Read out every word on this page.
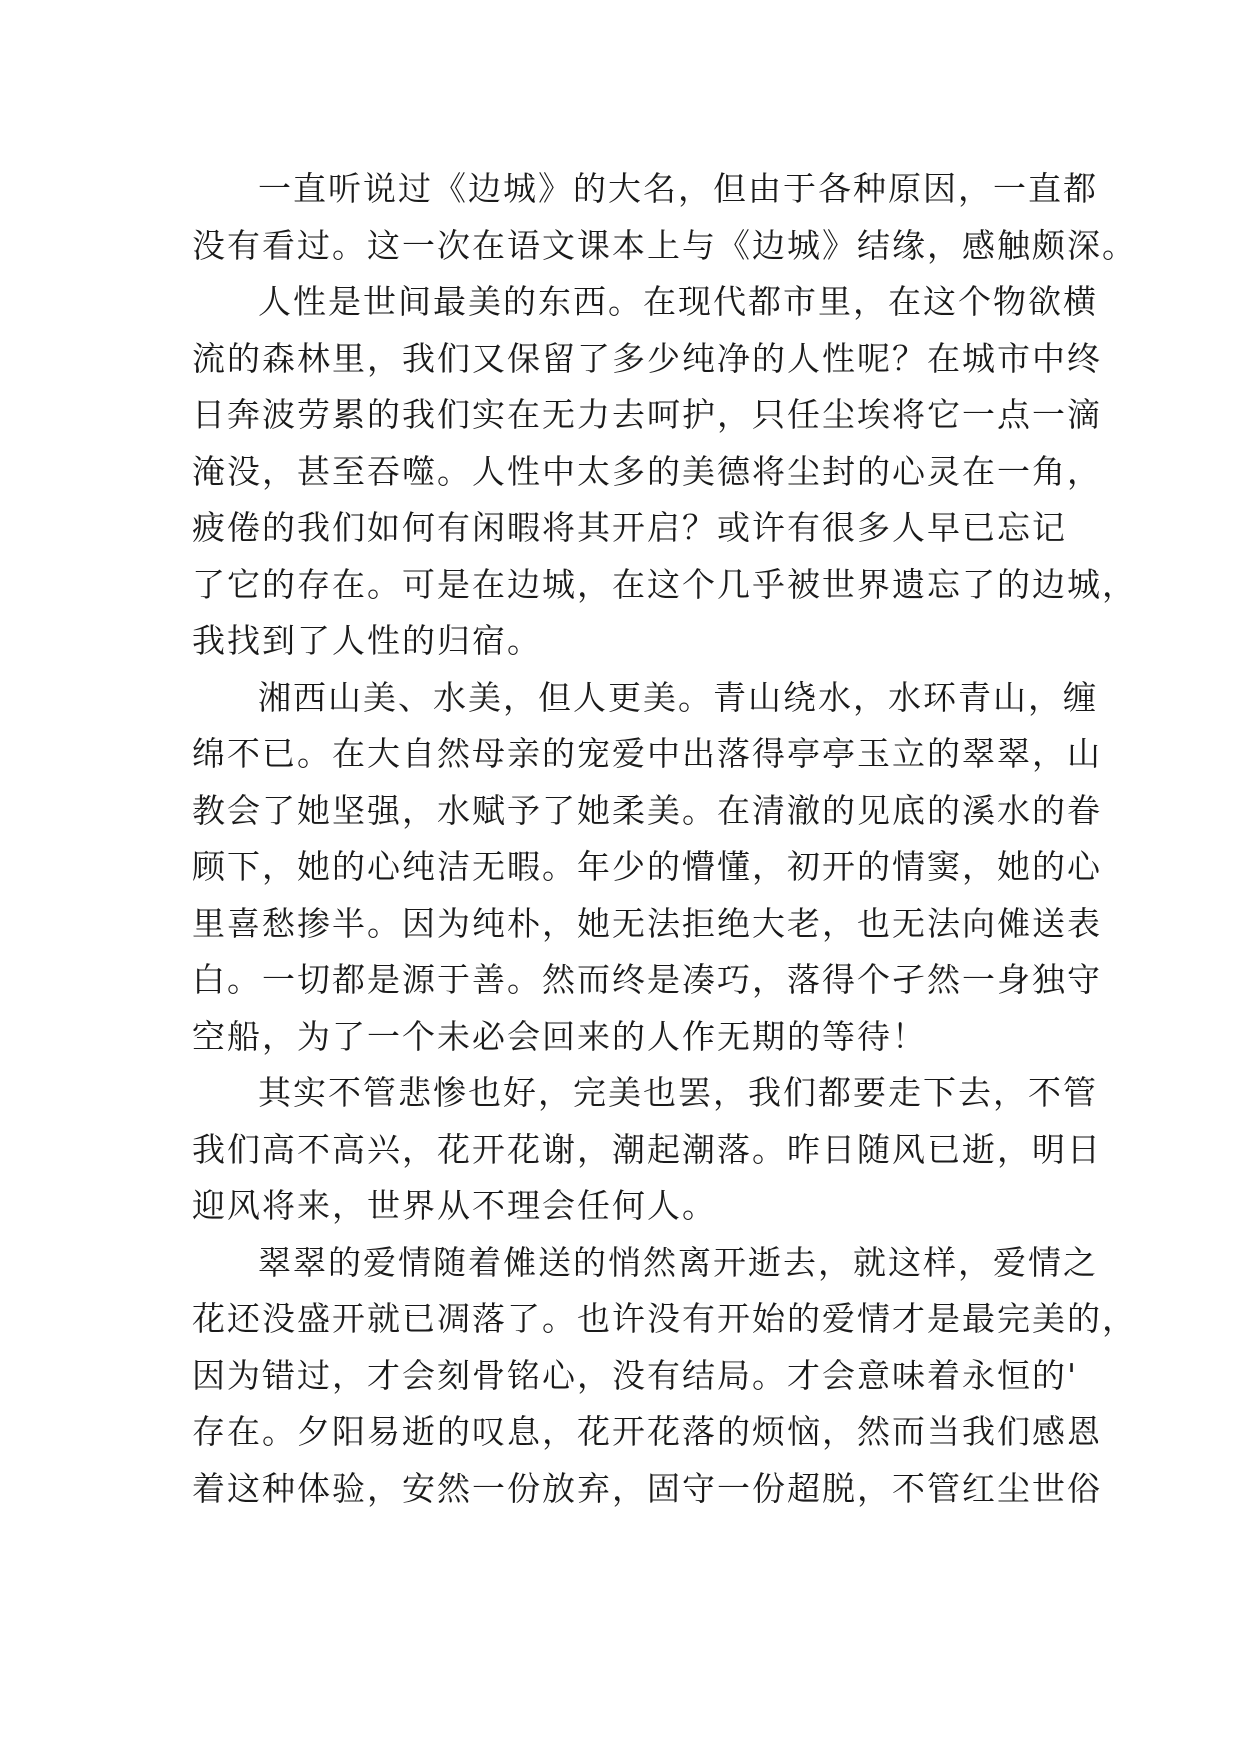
一直听说过《边城》的大名，但由于各种原因，一直都
没有看过。这一次在语文课本上与《边城》结缘，感触颇深。
人性是世间最美的东西。在现代都市里，在这个物欲横
流的森林里，我们又保留了多少纯净的人性呢？在城市中终
日奔波劳累的我们实在无力去呵护，只任尘埃将它一点一滴
淹没，甚至吞噬。人性中太多的美德将尘封的心灵在一角，
疲倦的我们如何有闲暇将其开启？或许有很多人早已忘记
了它的存在。可是在边城，在这个几乎被世界遗忘了的边城，
我找到了人性的归宿。
湘西山美、水美，但人更美。青山绕水，水环青山，缠
绵不已。在大自然母亲的宠爱中出落得亭亭玉立的翠翠，山
教会了她坚强，水赋予了她柔美。在清澈的见底的溪水的眷
顾下，她的心纯洁无暇。年少的懵懂，初开的情窦，她的心
里喜愁掺半。因为纯朴，她无法拒绝大老，也无法向傩送表
白。一切都是源于善。然而终是凑巧，落得个孑然一身独守
空船，为了一个未必会回来的人作无期的等待！
其实不管悲惨也好，完美也罢，我们都要走下去，不管
我们高不高兴，花开花谢，潮起潮落。昨日随风已逝，明日
迎风将来，世界从不理会任何人。
翠翠的爱情随着傩送的悄然离开逝去，就这样，爱情之
花还没盛开就已凋落了。也许没有开始的爱情才是最完美的，
因为错过，才会刻骨铭心，没有结局。才会意味着永恒的'
存在。夕阳易逝的叹息，花开花落的烦恼，然而当我们感恩
着这种体验，安然一份放弃，固守一份超脱，不管红尘世俗
